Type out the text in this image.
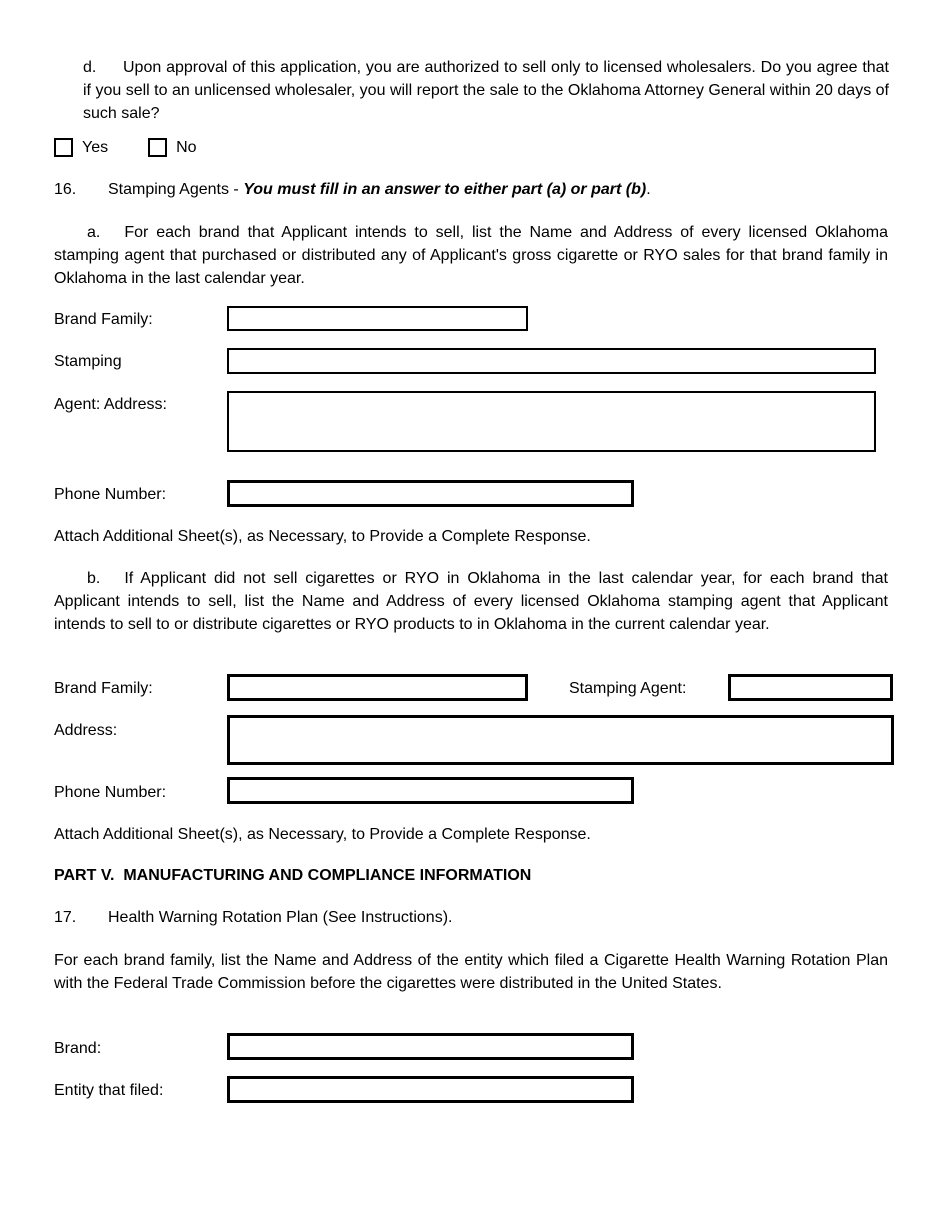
d. Upon approval of this application, you are authorized to sell only to licensed wholesalers. Do you agree that if you sell to an unlicensed wholesaler, you will report the sale to the Oklahoma Attorney General within 20 days of such sale?
Yes	No
16. Stamping Agents - You must fill in an answer to either part (a) or part (b).
a. For each brand that Applicant intends to sell, list the Name and Address of every licensed Oklahoma stamping agent that purchased or distributed any of Applicant's gross cigarette or RYO sales for that brand family in Oklahoma in the last calendar year.
Brand Family:
Stamping
Agent: Address:
Phone Number:
Attach Additional Sheet(s), as Necessary, to Provide a Complete Response.
b. If Applicant did not sell cigarettes or RYO in Oklahoma in the last calendar year, for each brand that Applicant intends to sell, list the Name and Address of every licensed Oklahoma stamping agent that Applicant intends to sell to or distribute cigarettes or RYO products to in Oklahoma in the current calendar year.
Brand Family:	Stamping Agent:
Address:
Phone Number:
Attach Additional Sheet(s), as Necessary, to Provide a Complete Response.
PART V.  MANUFACTURING AND COMPLIANCE INFORMATION
17. Health Warning Rotation Plan (See Instructions).
For each brand family, list the Name and Address of the entity which filed a Cigarette Health Warning Rotation Plan with the Federal Trade Commission before the cigarettes were distributed in the United States.
Brand:
Entity that filed:
